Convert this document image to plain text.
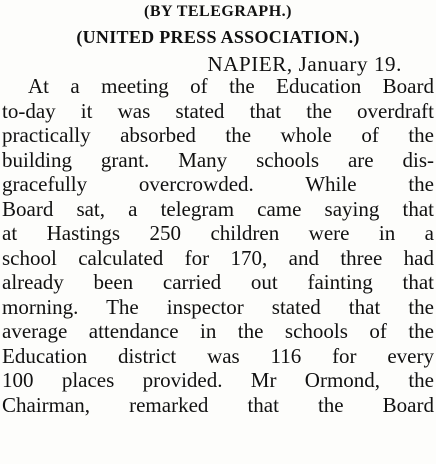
(BY TELEGRAPH.)
(UNITED PRESS ASSOCIATION.)
NAPIER, January 19.
At a meeting of the Education Board
to-day it was stated that the overdraft
practically absorbed the whole of the
building grant. Many schools are dis-
gracefully overcrowded. While the
Board sat, a telegram came saying that
at Hastings 250 children were in a
school calculated for 170, and three had
already been carried out fainting that
morning. The inspector stated that the
average attendance in the schools of the
Education district was 116 for every
100 places provided. Mr Ormond, the
Chairman, remarked that the Board
